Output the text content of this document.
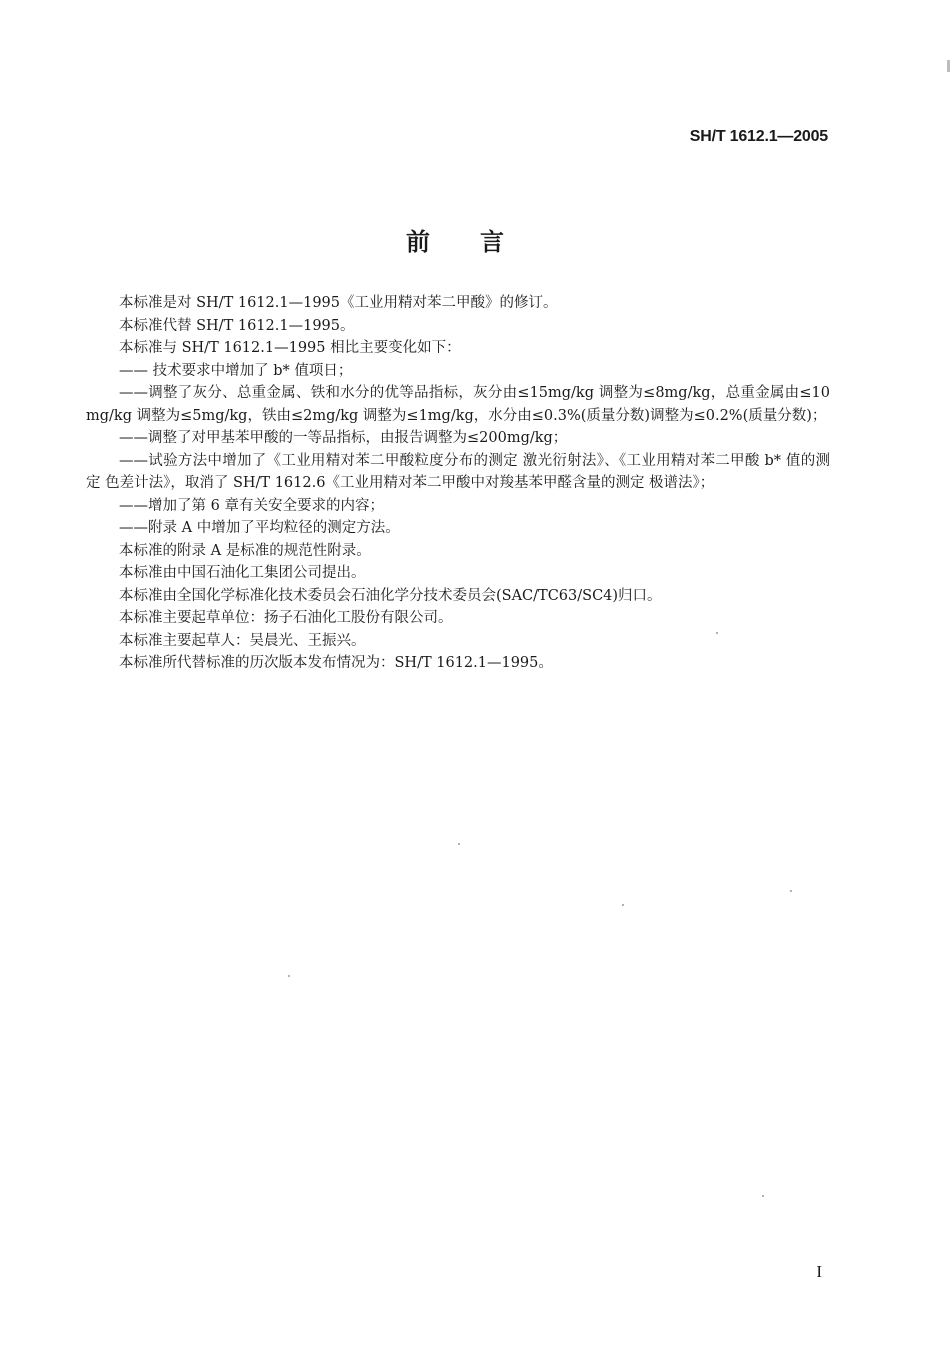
SH/T 1612.1—2005
前言

本标准是对 SH/T 1612.1—1995《工业用精对苯二甲酸》的修订。

本标准代替 SH/T 1612.1—1995。

本标准与 SH/T 1612.1—1995 相比主要变化如下：

—— 技术要求中增加了 b* 值项日；

——调整了灰分、总重金属、铁和水分的优等品指标，灰分由≤15mg/kg 调整为≤8mg/kg，总重金属由≤10mg/kg 调整为≤5mg/kg，铁由≤2mg/kg 调整为≤1mg/kg，水分由≤0.3%(质量分数)调整为≤0.2%(质量分数)；

——调整了对甲基苯甲酸的一等品指标，由报告调整为≤200mg/kg；

——试验方法中增加了《工业用精对苯二甲酸粒度分布的测定 激光衍射法》、《工业用精对苯二甲酸 b* 值的测定 色差计法》，取消了 SH/T 1612.6《工业用精对苯二甲酸中对羧基苯甲醛含量的测定 极谱法》；

——增加了第 6 章有关安全要求的内容；

——附录 A 中增加了平均粒径的测定方法。

本标准的附录 A 是标准的规范性附录。

本标准由中国石油化工集团公司提出。

本标准由全国化学标准化技术委员会石油化学分技术委员会(SAC/TC63/SC4)归口。

本标准主要起草单位：扬子石油化工股份有限公司。

本标准主要起草人：吴晨光、王振兴。

本标准所代替标准的历次版本发布情况为：SH/T 1612.1—1995。

I
